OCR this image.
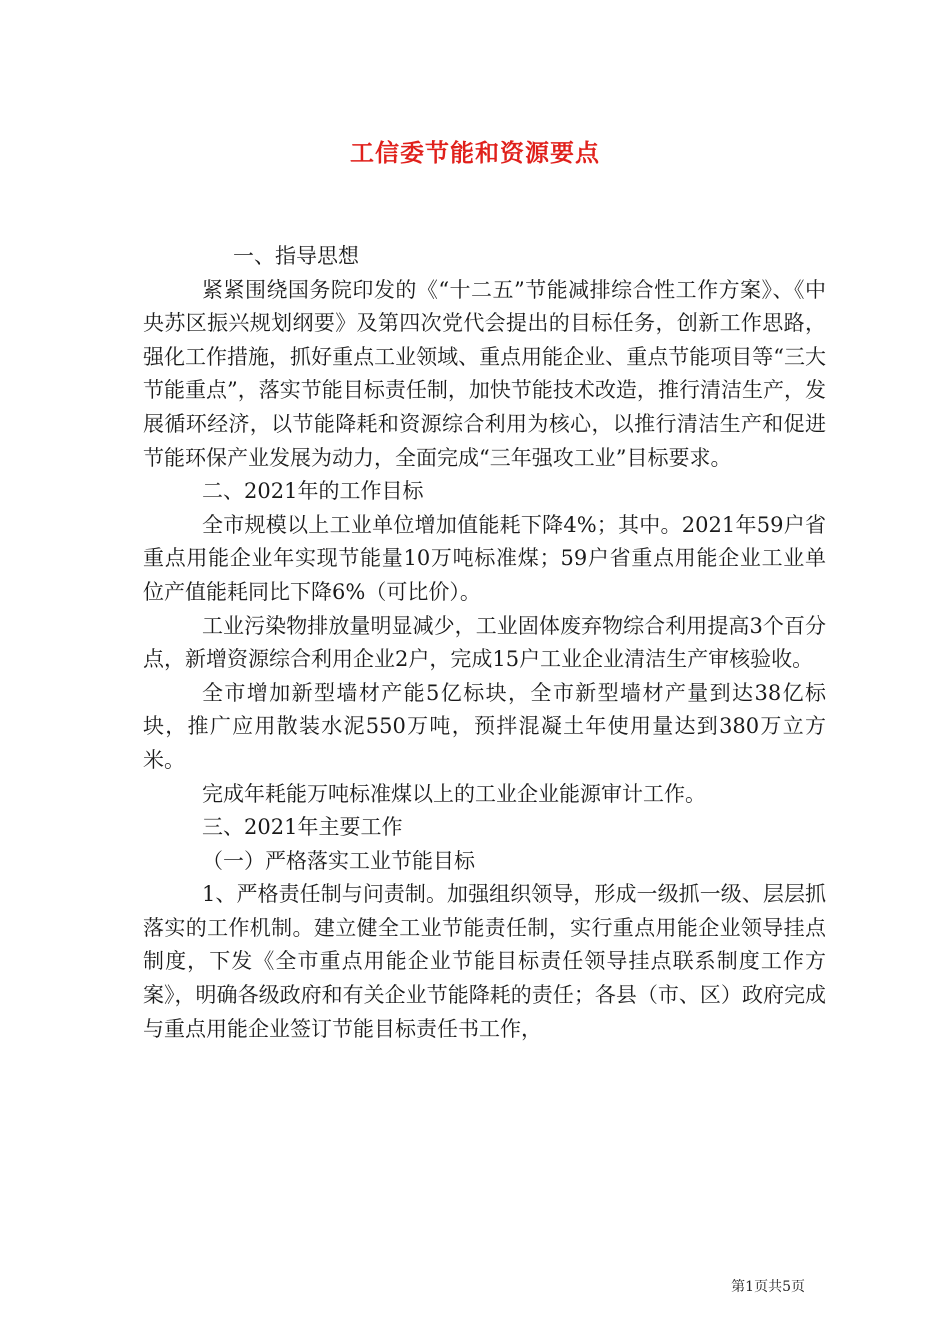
工信委节能和资源要点

一、指导思想

紧紧围绕国务院印发的《“十二五”节能减排综合性工作方案》、《中央苏区振兴规划纲要》及第四次党代会提出的目标任务，创新工作思路，强化工作措施，抓好重点工业领域、重点用能企业、重点节能项目等“三大节能重点”，落实节能目标责任制，加快节能技术改造，推行清洁生产，发展循环经济，以节能降耗和资源综合利用为核心，以推行清洁生产和促进节能环保产业发展为动力，全面完成“三年强攻工业”目标要求。

二、2021年的工作目标

全市规模以上工业单位增加值能耗下降4%；其中。2021年59户省重点用能企业年实现节能量10万吨标准煤；59户省重点用能企业工业单位产值能耗同比下降6%（可比价）。

工业污染物排放量明显减少，工业固体废弃物综合利用提高3个百分点，新增资源综合利用企业2户，完成15户工业企业清洁生产审核验收。

全市增加新型墙材产能5亿标块，全市新型墙材产量到达38亿标块，推广应用散装水泥550万吨，预拌混凝土年使用量达到380万立方米。

完成年耗能万吨标准煤以上的工业企业能源审计工作。

三、2021年主要工作

（一）严格落实工业节能目标

1、严格责任制与问责制。加强组织领导，形成一级抓一级、层层抓落实的工作机制。建立健全工业节能责任制，实行重点用能企业领导挂点制度，下发《全市重点用能企业节能目标责任领导挂点联系制度工作方案》，明确各级政府和有关企业节能降耗的责任；各县（市、区）政府完成与重点用能企业签订节能目标责任书工作，

第1页共5页
